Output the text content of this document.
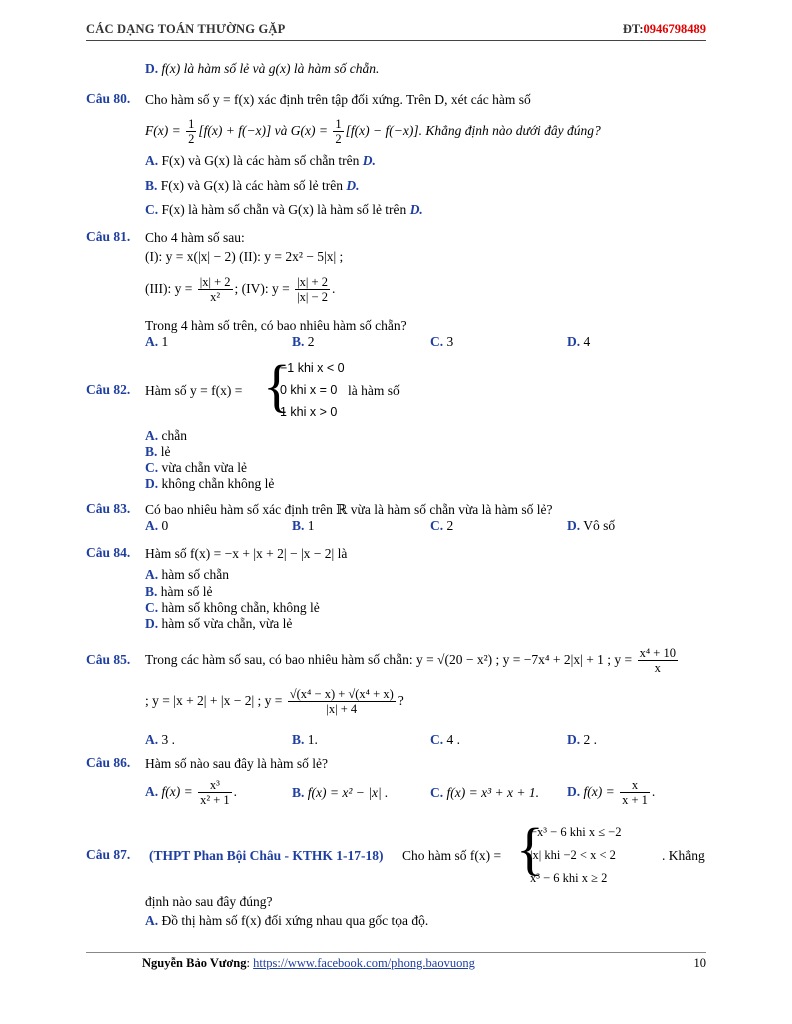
CÁC DẠNG TOÁN THƯỜNG GẶP	ĐT:0946798489
D. f(x) là hàm số lẻ và g(x) là hàm số chẵn.
Câu 80. Cho hàm số y = f(x) xác định trên tập đối xứng. Trên D, xét các hàm số
$F(x) = \frac{1}{2} [f(x) + f(-x)]$ và $G(x) = \frac{1}{2} [f(x) - f(-x)]$. Khẳng định nào dưới đây đúng?
A. F(x) và G(x) là các hàm số chẵn trên D.
B. F(x) và G(x) là các hàm số lẻ trên D.
C. F(x) là hàm số chẵn và G(x) là hàm số lẻ trên D.
Câu 81. Cho 4 hàm số sau:
(I): y = x(|x| − 2) (II): y = 2x² − 5|x| ;
(III): $y = \frac{|x| + 2}{\text{x²}}$ ; (IV): $y = \frac{|x| + 2}{|x| - 2}$ .
Trong 4 hàm số trên, có bao nhiêu hàm số chẵn?
A. 1	B. 2	C. 3	D. 4
Câu 82. Hàm số y = f(x) = {
−1 khi x < 0
0 khi x = 0
1 khi x > 0
là hàm số
A. chẵn
B. lẻ
C. vừa chẵn vừa lẻ
D. không chẵn không lẻ
Câu 83. Có bao nhiêu hàm số xác định trên ℝ vừa là hàm số chẵn vừa là hàm số lẻ?
A. 0	B. 1	C. 2	D. Vô số
Câu 84. Hàm số f(x) = −x + |x + 2| − |x − 2| là
A. hàm số chẵn
B. hàm số lẻ
C. hàm số không chẵn, không lẻ
D. hàm số vừa chẵn, vừa lẻ
Câu 85. Trong các hàm số sau, có bao nhiêu hàm số chẵn: y = √(20 − x²) ; y = −7x⁴ + 2|x| + 1 ; $y = \frac{\text{x⁴ + 10}}{x}$
; y = |x + 2| + |x − 2| ; $y = \frac{\text{√(x⁴ − x) + √(x⁴ + x)}}{|x| + 4}$ ?
A. 3 .	B. 1.	C. 4 .	D. 2 .
Câu 86. Hàm số nào sau đây là hàm số lẻ?
A. $f(x) = \frac{\text{x³}}{\text{x² + 1}}$ .	B. f(x) = x² − |x| .	C. f(x) = x³ + x + 1. D. $f(x) = \frac{x}{x + 1}$ .
Câu 87. (THPT Phan Bội Châu - KTHK 1-17-18) Cho hàm số f(x) = {
−x³ − 6 khi x ≤ −2
|x| khi −2 < x < 2
x³ − 6 khi x ≥ 2
. Khẳng
định nào sau đây đúng?
A. Đồ thị hàm số f(x) đối xứng nhau qua gốc tọa độ.
Nguyễn Bảo Vương: https://www.facebook.com/phong.baovuong	10
